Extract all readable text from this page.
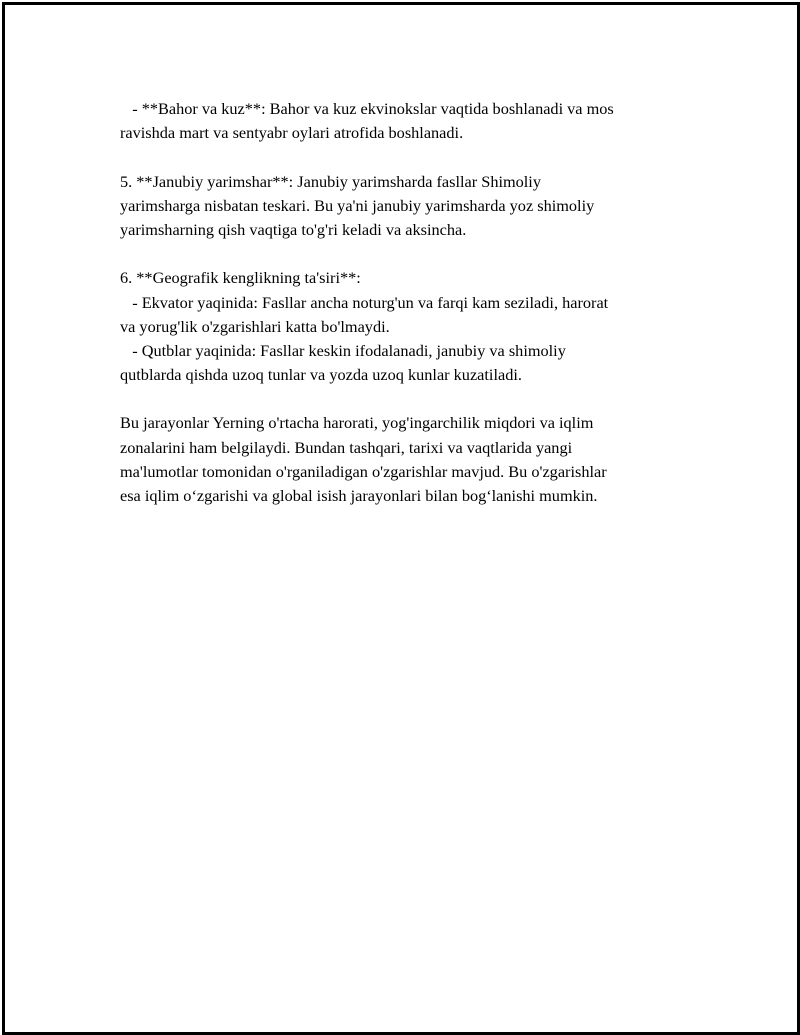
- **Bahor va kuz**: Bahor va kuz ekvinokslar vaqtida boshlanadi va mos
ravishda mart va sentyabr oylari atrofida boshlanadi.
5. **Janubiy yarimshar**: Janubiy yarimsharda fasllar Shimoliy
yarimsharga nisbatan teskari. Bu ya'ni janubiy yarimsharda yoz shimoliy
yarimsharning qish vaqtiga to'g'ri keladi va aksincha.
6. **Geografik kenglikning ta'siri**:
- Ekvator yaqinida: Fasllar ancha noturg'un va farqi kam seziladi, harorat
va yorug'lik o'zgarishlari katta bo'lmaydi.
- Qutblar yaqinida: Fasllar keskin ifodalanadi, janubiy va shimoliy
qutblarda qishda uzoq tunlar va yozda uzoq kunlar kuzatiladi.
Bu jarayonlar Yerning o'rtacha harorati, yog'ingarchilik miqdori va iqlim
zonalarini ham belgilaydi. Bundan tashqari, tarixi va vaqtlarida yangi
ma'lumotlar tomonidan o'rganiladigan o'zgarishlar mavjud. Bu o'zgarishlar
esa iqlim o‘zgarishi va global isish jarayonlari bilan bog‘lanishi mumkin.
